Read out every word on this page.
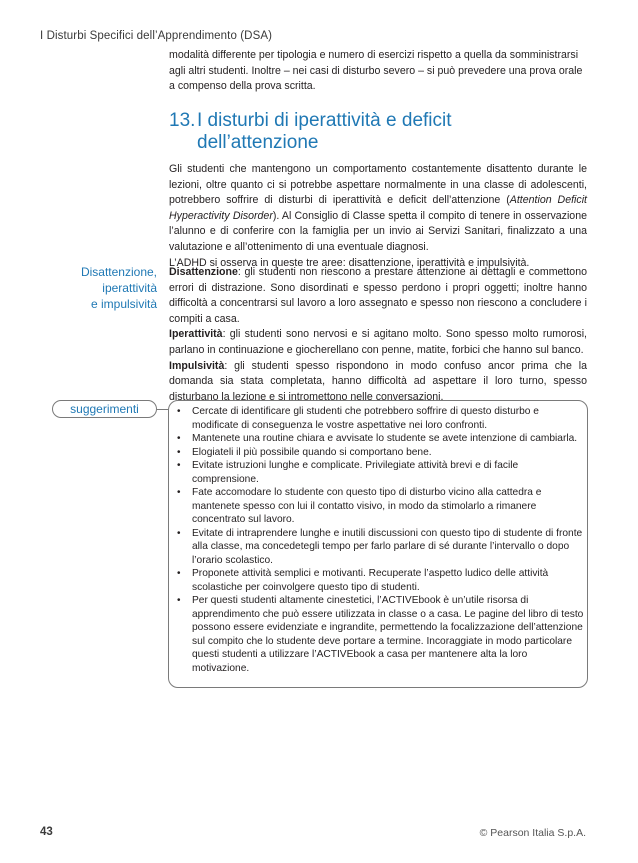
I Disturbi Specifici dell’Apprendimento (DSA)

modalità differente per tipologia e numero di esercizi rispetto a quella da somministrarsi agli altri studenti. Inoltre – nei casi di disturbo severo – si può prevedere una prova orale a compenso della prova scritta.

13.I disturbi di iperattività e deficit
dell’attenzione

Gli studenti che mantengono un comportamento costantemente disattento durante le lezioni, oltre quanto ci si potrebbe aspettare normalmente in una classe di adolescenti, potrebbero soffrire di disturbi di iperattività e deficit dell’attenzione (Attention Deficit Hyperactivity Disorder). Al Consiglio di Classe spetta il compito di tenere in osservazione l’alunno e di conferire con la famiglia per un invio ai Servizi Sanitari, finalizzato a una valutazione e all’ottenimento di una eventuale diagnosi.

L’ADHD si osserva in queste tre aree: disattenzione, iperattività e impulsività.

Disattenzione,
iperattività
e impulsività

Disattenzione: gli studenti non riescono a prestare attenzione ai dettagli e commettono errori di distrazione. Sono disordinati e spesso perdono i propri oggetti; inoltre hanno difficoltà a concentrarsi sul lavoro a loro assegnato e spesso non riescono a concludere i compiti a casa.

Iperattività: gli studenti sono nervosi e si agitano molto. Sono spesso molto rumorosi, parlano in continuazione e giocherellano con penne, matite, forbici che hanno sul banco.

Impulsività: gli studenti spesso rispondono in modo confuso ancor prima che la domanda sia stata completata, hanno difficoltà ad aspettare il loro turno, spesso disturbano la lezione e si intromettono nelle conversazioni.

suggerimenti
•	Cercate di identificare gli studenti che potrebbero soffrire di questo disturbo e modificate di conseguenza le vostre aspettative nei loro confronti.
• Mantenete una routine chiara e avvisate lo studente se avete intenzione di cambiarla.
• Elogiateli il più possibile quando si comportano bene.
• Evitate istruzioni lunghe e complicate. Privilegiate attività brevi e di facile comprensione.
• Fate accomodare lo studente con questo tipo di disturbo vicino alla cattedra e mantenete spesso con lui il contatto visivo, in modo da stimolarlo a rimanere concentrato sul lavoro.
• Evitate di intraprendere lunghe e inutili discussioni con questo tipo di studente di fronte alla classe, ma concedetegli tempo per farlo parlare di sé durante l’intervallo o dopo l’orario scolastico.
• Proponete attività semplici e motivanti. Recuperate l’aspetto ludico delle attività scolastiche per coinvolgere questo tipo di studenti.
• Per questi studenti altamente cinestetici, l’ACTIVEbook è un’utile risorsa di apprendimento che può essere utilizzata in classe o a casa. Le pagine del libro di testo possono essere evidenziate e ingrandite, permettendo la focalizzazione dell’attenzione sul compito che lo studente deve portare a termine. Incoraggiate in modo particolare questi studenti a utilizzare l’ACTIVEbook a casa per mantenere alta la loro motivazione.
43	© Pearson Italia S.p.A.
